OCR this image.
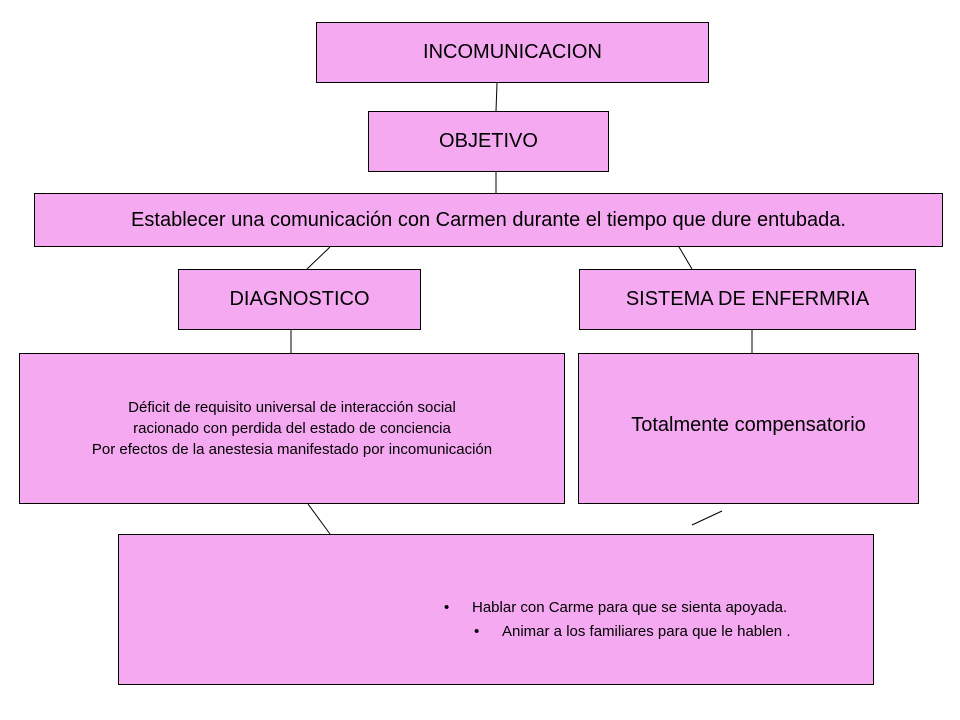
INCOMUNICACION
OBJETIVO
Establecer una comunicación con Carmen durante el tiempo que dure entubada.
DIAGNOSTICO	SISTEMA DE ENFERMRIA
Déficit de requisito universal de interacción social
racionado con perdida del estado de conciencia
Por efectos de la anestesia manifestado por incomunicación
Totalmente compensatorio
• Hablar con Carme para que se sienta apoyada.
• Animar a los familiares para que le hablen .
